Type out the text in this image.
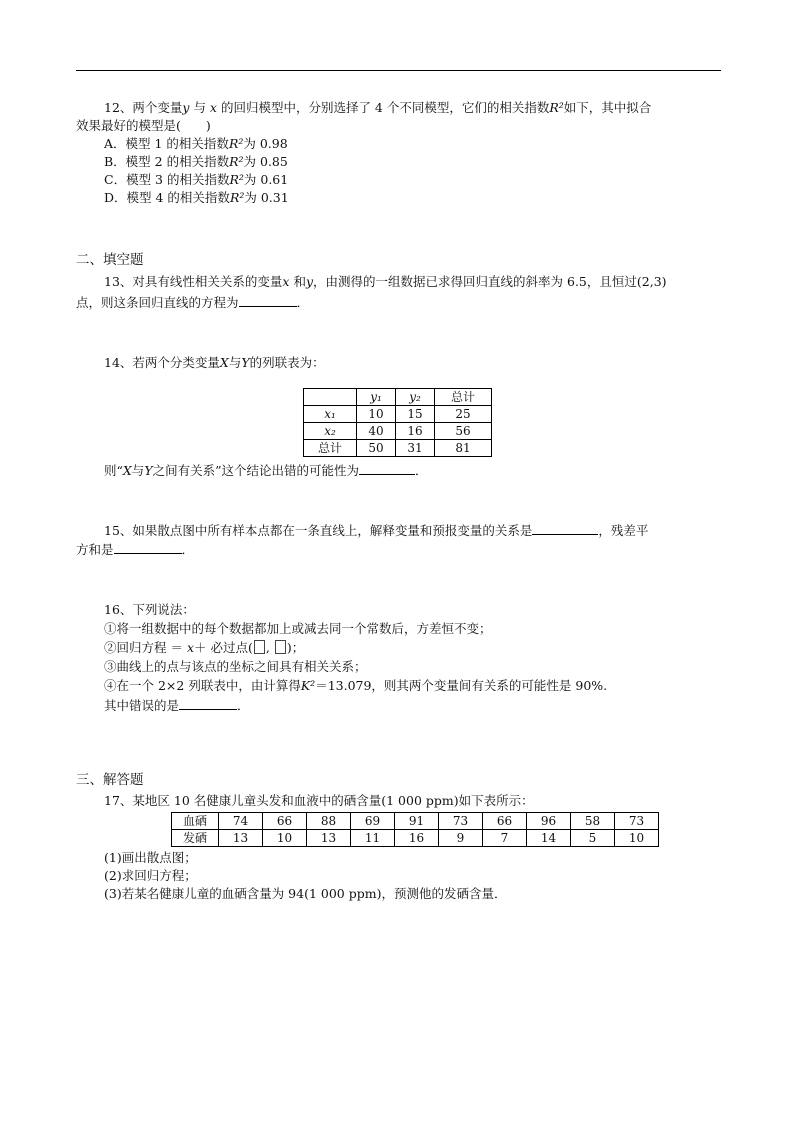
12、两个变量y 与 x 的回归模型中，分别选择了 4 个不同模型，它们的相关指数R²如下，其中拟合
效果最好的模型是(　　)
A．模型 1 的相关指数R²为 0.98
B．模型 2 的相关指数R²为 0.85
C．模型 3 的相关指数R²为 0.61
D．模型 4 的相关指数R²为 0.31
二、填空题
13、对具有线性相关关系的变量x 和y，由测得的一组数据已求得回归直线的斜率为 6.5，且恒过(2,3)
点，则这条回归直线的方程为	．
14、若两个分类变量X与Y的列联表为：
	y₁	y₂	总计
x₁	10	15	25
x₂	40	16	56
总计	50	31	81
则“X与Y之间有关系”这个结论出错的可能性为	．
15、如果散点图中所有样本点都在一条直线上，解释变量和预报变量的关系是	，残差平
方和是	．
16、下列说法：
①将一组数据中的每个数据都加上或减去同一个常数后，方差恒不变；
②回归方程 ＝ x＋ 必过点( , )；
③曲线上的点与该点的坐标之间具有相关关系；
④在一个 2×2 列联表中，由计算得K²＝13.079，则其两个变量间有关系的可能性是 90%.
其中错误的是	．
三、解答题
17、某地区 10 名健康儿童头发和血液中的硒含量(1 000 ppm)如下表所示：
血硒	74	66	88	69	91	73	66	96	58	73
发硒	13	10	13	11	16	9	7	14	5	10
(1)画出散点图；
(2)求回归方程；
(3)若某名健康儿童的血硒含量为 94(1 000 ppm)，预测他的发硒含量．
